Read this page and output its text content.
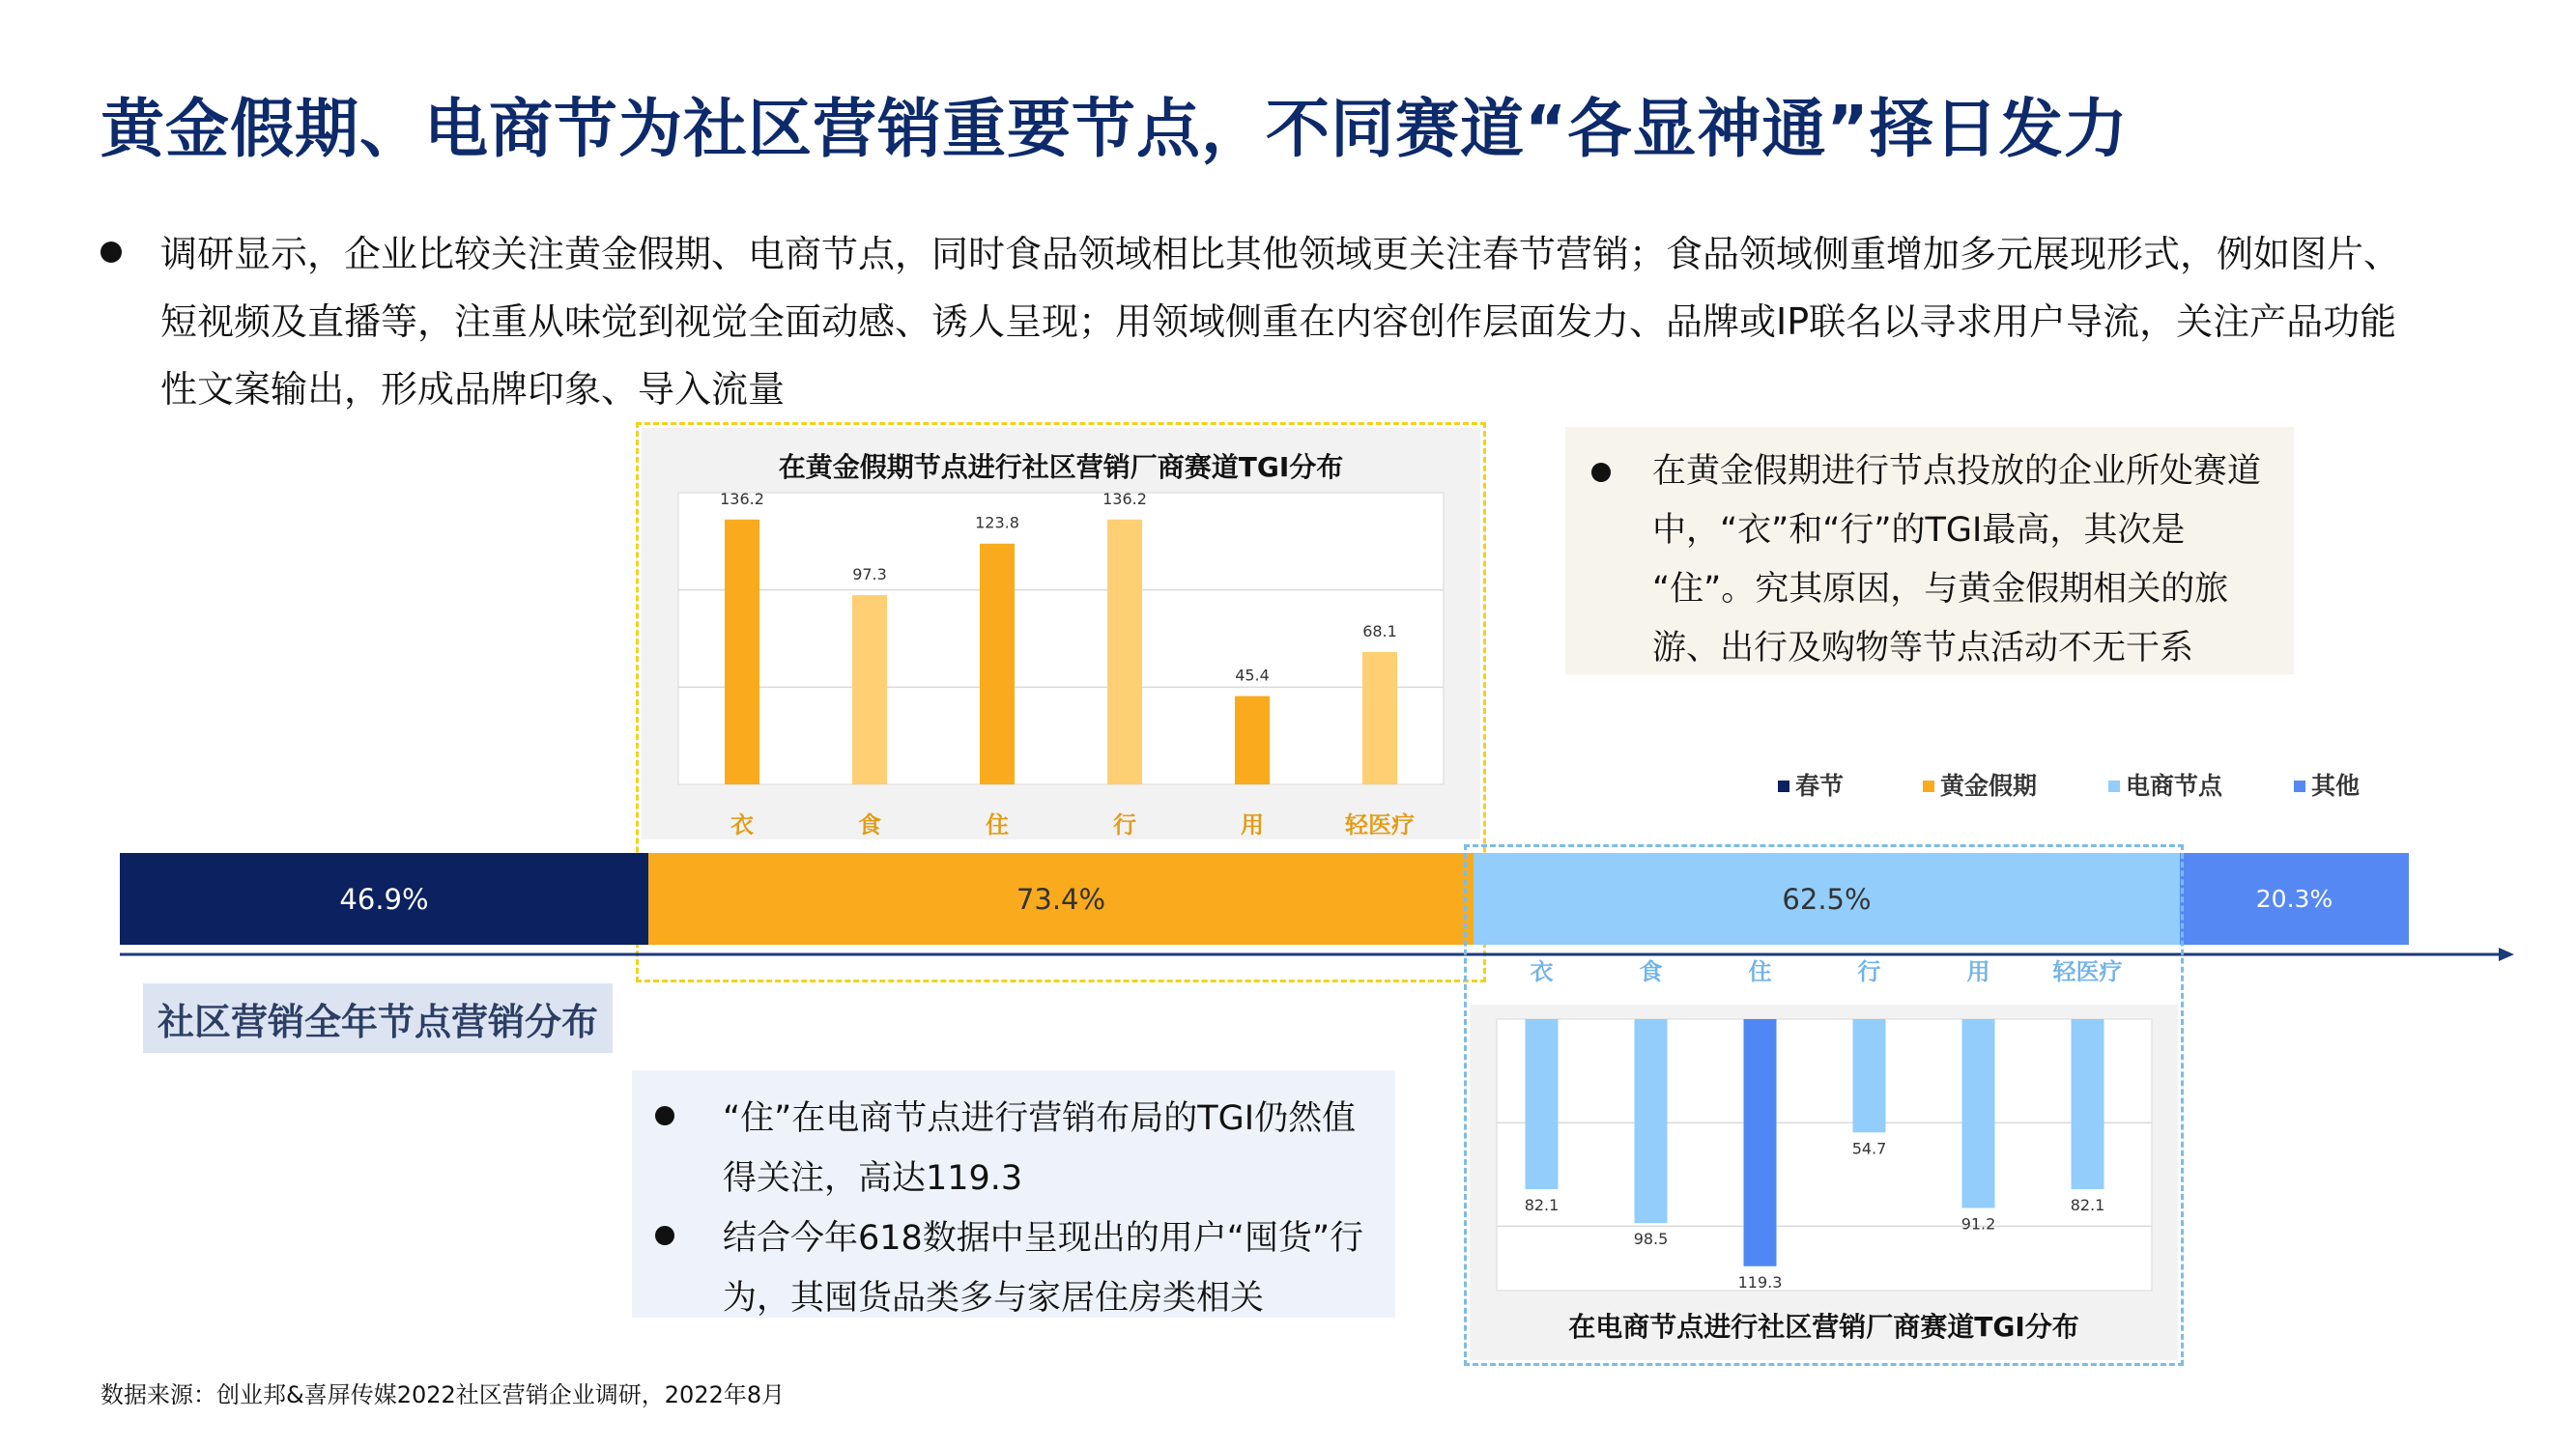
黄金假期、电商节为社区营销重要节点，不同赛道“各显神通”择日发力
调研显示，企业比较关注黄金假期、电商节点，同时食品领域相比其他领域更关注春节营销；食品领域侧重增加多元展现形式，例如图片、
短视频及直播等，注重从味觉到视觉全面动感、诱人呈现；用领域侧重在内容创作层面发力、品牌或IP联名以寻求用户导流，关注产品功能
性文案输出，形成品牌印象、导入流量
在黄金假期节点进行社区营销厂商赛道TGI分布
136.2
衣
97.3
食
123.8
住
136.2
行
45.4
用
68.1
轻医疗
在黄金假期进行节点投放的企业所处赛道
中，“衣”和“行”的TGI最高，其次是
“住”。究其原因，与黄金假期相关的旅
游、出行及购物等节点活动不无干系
春节	黄金假期	电商节点	其他
46.9%	73.4%	62.5%	20.3%
社区营销全年节点营销分布
“住”在电商节点进行营销布局的TGI仍然值
得关注，高达119.3
结合今年618数据中呈现出的用户“囤货”行
为，其囤货品类多与家居住房类相关
82.1
衣
98.5
食
119.3
住
54.7
行
91.2
用
82.1
轻医疗
在电商节点进行社区营销厂商赛道TGI分布
数据来源：创业邦&喜屏传媒2022社区营销企业调研，2022年8月
